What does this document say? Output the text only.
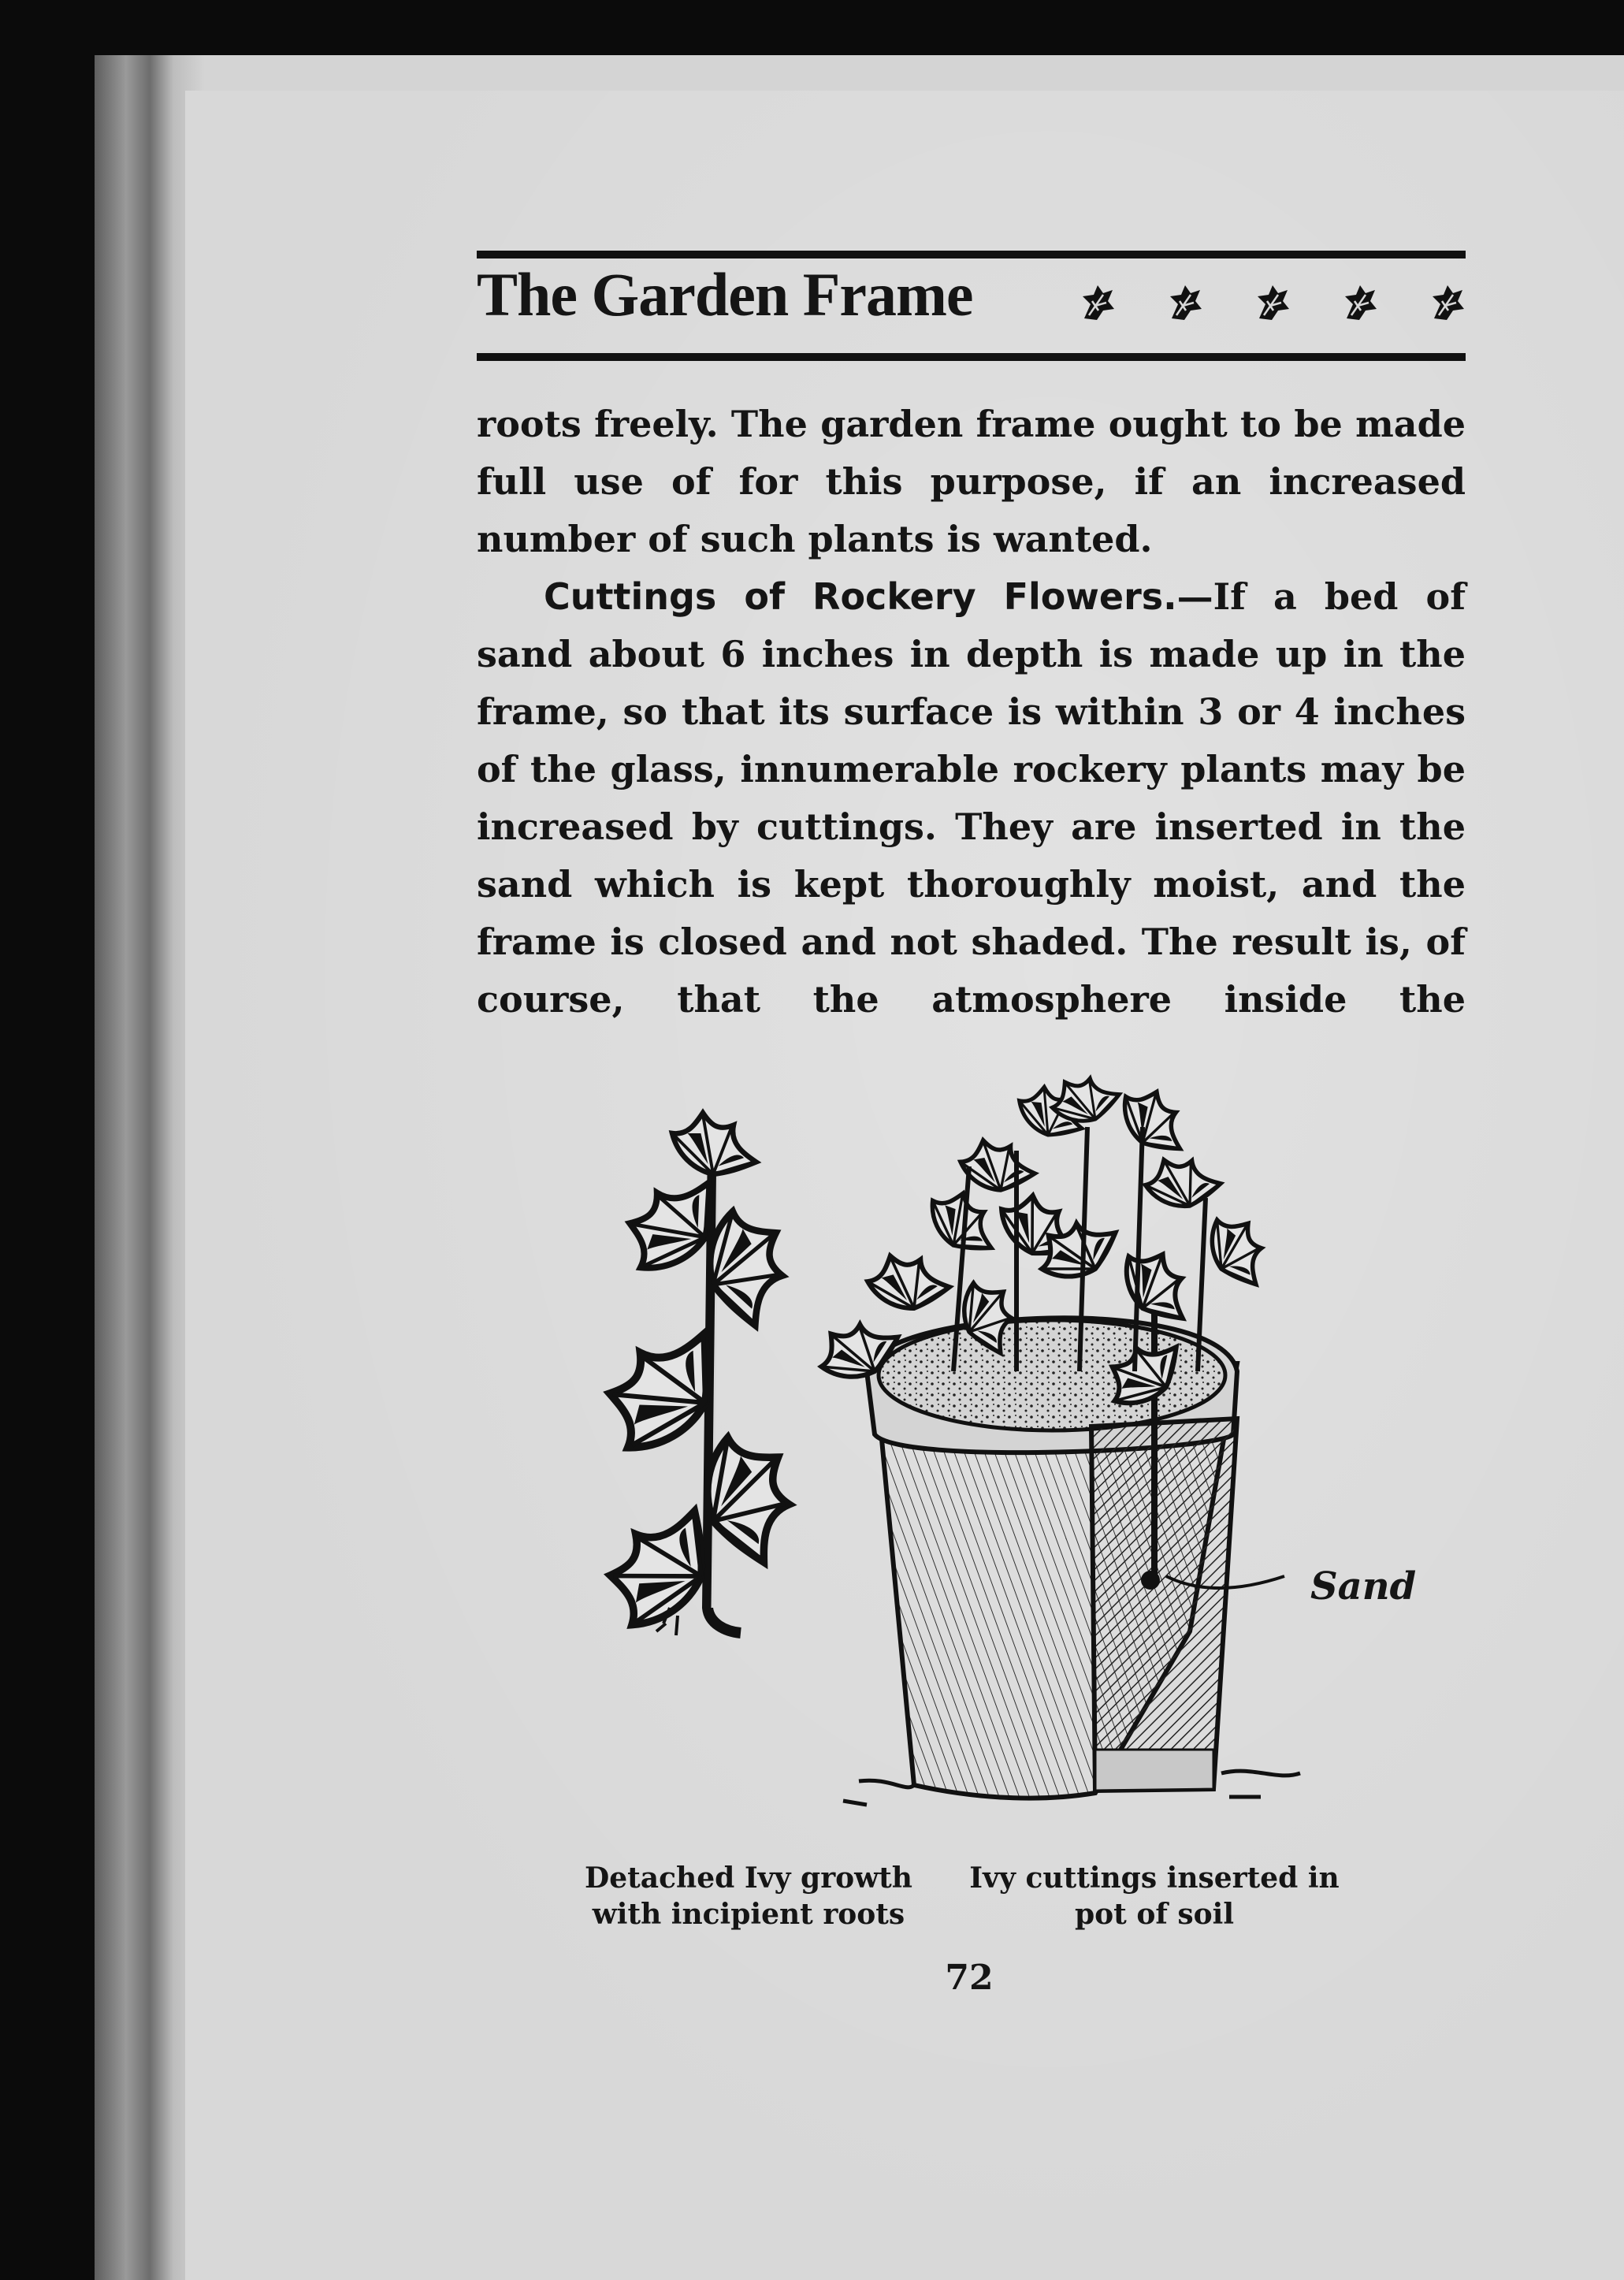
The Garden Frame

roots freely. The garden frame ought to be made full use of for this purpose, if an increased number of such plants is wanted.

Cuttings of Rockery Flowers.—If a bed of sand about 6 inches in depth is made up in the frame, so that its surface is within 3 or 4 inches of the glass, innumerable rockery plants may be increased by cuttings. They are inserted in the sand which is kept thoroughly moist, and the frame is closed and not shaded. The result is, of course, that the atmosphere inside the

Sand
Detached Ivy growth
with incipient roots
Ivy cuttings inserted in
pot of soil
72
